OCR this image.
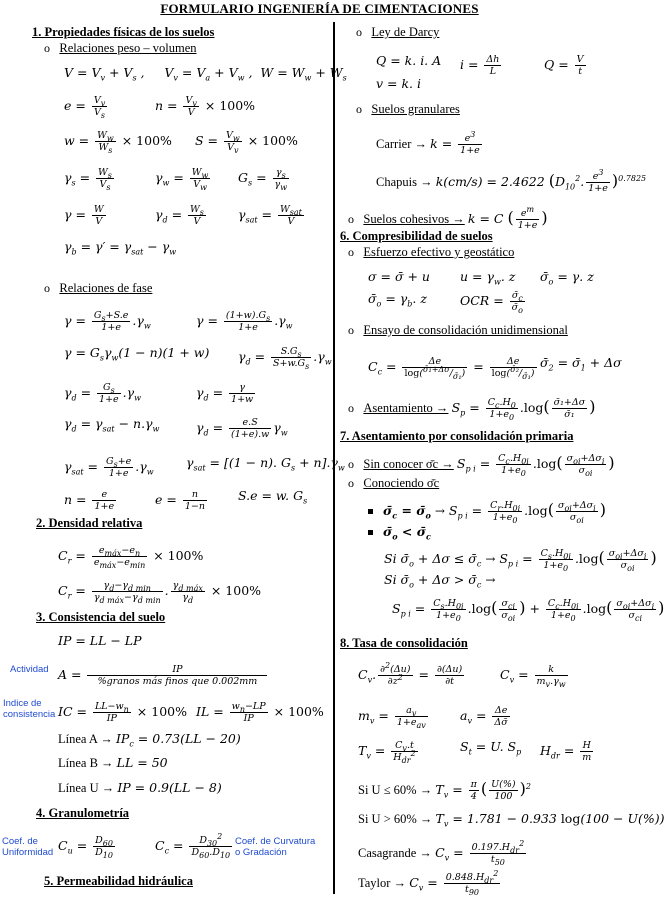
FORMULARIO INGENIERÍA DE CIMENTACIONES
1. Propiedades físicas de los suelos
o Relaciones peso – volumen
$V = V_v + V_s$ ,     $V_v = V_a + V_w$ ,  $W = W_w + W_s$
$e = \frac{V_v}{V_s}$	$n = \frac{V_v}{V} \times 100\%$
$w = \frac{W_w}{W_s} \times 100\%$ $S = \frac{V_w}{V_v} \times 100\%$
$\gamma_s = \frac{W_s}{V_s}$	$\gamma_w = \frac{W_w}{V_w} G_s = \frac{\gamma_s}{\gamma_w}$
$\gamma = \frac{W}{V}$	$\gamma_d = \frac{W_s}{V}$	$\gamma_{sat} = \frac{W_{sat}}{V}$
$\gamma_b = \gamma' = \gamma_{sat} - \gamma_w$
o Relaciones de fase
$\gamma = \frac{G_s+S.e}{1+e} .\gamma_w$	$\gamma = \frac{(1+w).G_s}{1+e} .\gamma_w$
$\gamma = G_s\gamma_w(1 - n)(1 + w) \gamma_d = \frac{S.G_s}{S+w.G_s} .\gamma_w$
$\gamma_d = \frac{G_s}{1+e} .\gamma_w$	$\gamma_d = \frac{\gamma}{1+w}$
$\gamma_d = \gamma_{sat} - n.\gamma_w$	$\gamma_d = \frac{e.S}{(1+e).w} \gamma_w$
$\gamma_{sat} = \frac{G_s+e}{1+e} .\gamma_w$
$\gamma_{sat} = [(1 - n)$. $G_s + n].\gamma_w$
$n = \frac{e}{1+e}$	$e = \frac{n}{1-n} S.e = w$. $G_s$
2. Densidad relativa
$C_r = \frac{e_{máx}-e_n}{e_{máx}-e_{min}} \times 100\%$
$C_r = \frac{\gamma_d-\gamma_{d min}}{\gamma_{d máx}-\gamma_{d min}}$ . $\frac{\gamma_{d máx}}{\gamma_d} \times 100\%$
3. Consistencia del suelo
IP = LL − LP
Actividad $A = \frac{IP}{\text{\%granos más finos que 0.002mm}}$
Indice de
consistencia IC = $\frac{LL-w_n}{IP} \times 100\%$ IL = $\frac{w_n-LP}{IP} \times 100\%$
Línea $A \to IP_c = 0.73(LL - 20)$
Línea B → LL = 50
Línea U → IP = 0.9(LL − 8)
4. Granulometría
Coef. de
Uniformidad $C_u = \frac{D_{60}}{D_{10}}$	$C_c = \frac{D_{30}^2}{D_{60}.D_{10}}$ Coef. de Curvatura
o Gradación
5. Permeabilidad hidráulica
o Ley de Darcy
Q = k. i. A $i = \frac{\Delta h}{L}$	$Q = \frac{V}{t}$
v = k. i
o Suelos granulares
Carrier → $k = \frac{e^3}{1+e}$
Chapuis → k(cm/s) = 2.4622 ($D_{10}^2$. $\frac{e^3}{1+e} )^{0.7825}$
o Suelos cohesivos → k = C ( $\frac{e^m}{1+e}$ )
6. Compresibilidad de suelos
o Esfuerzo efectivo y geostático
σ = σ̄ + u $u = \gamma_w$. z $\sigmā_o = \gamma$. z
$\sigmā_o = \gamma_b$. z	OCR = $\frac{\sigmā_c}{\sigmā_o}$
o Ensayo de consolidación unidimensional
$C_c = \frac{\Delta e}{\log(^{\sigmā_1+\Delta\sigma}/_{\sigmā_1})} = \frac{\Delta e}{\log(^{\sigmā_2}/_{\sigmā_1})}$ $\sigmā_2$ = $\sigmā_1 + \Delta\sigma$
o Asentamiento → $S_p = \frac{C_c.H_0}{1+e_0} .\log( \frac{\text{σ̄₁+Δσ}}{\text{σ̄₁}}$ )
7. Asentamiento por consolidación primaria
o Sin conocer σ̄c → $S_{p i} = \frac{C_c.H_{0i}}{1+e_0} .\log( \frac{\sigma_{oi}+\Delta\sigma_i}{\sigma_{oi}}$ )
o Conociendo σ̄c
$\sigmā_c$ = $\sigmā_o \to S_{p i} = \frac{C_r.H_{0i}}{1+e_0} .\log( \frac{\sigma_{oi}+\Delta\sigma_i}{\sigma_{oi}}$ )
$\sigmā_o$ < $\sigmā_c$
Si $\sigmā_o + \Delta\sigma$ ≤ $\sigmā_c \to S_{p i} = \frac{C_s.H_{0i}}{1+e_0} .\log( \frac{\sigma_{oi}+\Delta\sigma_i}{\sigma_{oi}}$ )
Si $\sigmā_o + \Delta\sigma$ > $\sigmā_c$ →
$S_{p i} = \frac{C_s.H_{0i}}{1+e_0} .\log( \frac{\sigma_{ci}}{\sigma_{oi}}$ ) + $\frac{C_c.H_{0i}}{1+e_0} .\log( \frac{\sigma_{oi}+\Delta\sigma_i}{\sigma_{ci}}$ )
8. Tasa de consolidación
$C_v$. $\frac{\partial^2(\Delta u)}{\partial z^2} = \frac{\partial(\Delta u)}{\partial t}$	$C_v = \frac{k}{m_v.\gamma_w}$
$m_v = \frac{a_v}{1+e_{av}}$	$a_v = \frac{\Delta e}{\Delta\sigmā}$
$T_v = \frac{C_v.t}{H_{dr}^2}$	$S_t = U$. $S_p$ $H_{dr} = \frac{H}{m}$
Si $U \le 60\% \to T_v = \frac{\pi}{4}$ ( $\frac{U(\%)}{100} )^2$
Si $U > 60\% \to T_v = 1.781 - 0.933$ log(100 − U(%))
Casagrande → $C_v = \frac{0.197.H_{dr}^2}{t_{50}}$
Taylor → $C_v = \frac{0.848.H_{dr}^2}{t_{90}}$
